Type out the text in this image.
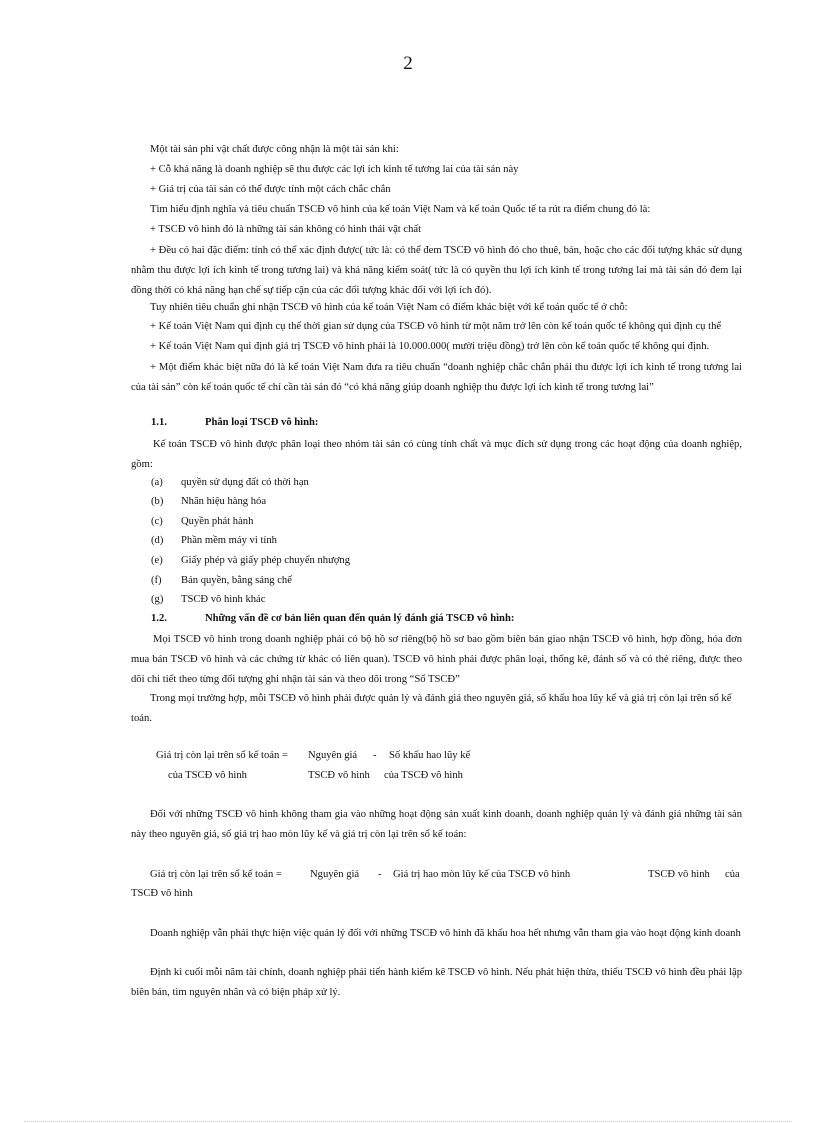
2
Một tài sản phi vật chất được công nhận là một tài sản khi:
+ Cỗ khả năng là doanh nghiệp sẽ thu được các lợi ích kinh tế tương lai của tài sản này
+ Giá trị của tài sản có thể được tính một cách chắc chắn
Tìm hiểu định nghĩa và tiêu chuẩn TSCĐ vô hình của kế toán Việt Nam và kế toán Quốc tế ta rút ra điểm chung đó là:
+ TSCĐ vô hình đó là những tài sản không có hình thái vật chất
+ Đều có hai đặc điểm: tính có thể xác định được( tức là: có thể đem TSCĐ vô hình đó cho thuê, bán, hoặc cho các đối tượng khác sử dụng nhằm thu được lợi ích kinh tế trong tương lai) và khả năng kiểm soát( tức là có quyền thu lợi ích kinh tế trong tương lai mà tài sản đó đem lại đồng thời có khả năng hạn chế sự tiếp cận của các đối tượng khác đối với lợi ích đó).
Tuy nhiên tiêu chuẩn ghi nhận TSCĐ vô hình của kế toán Việt Nam có điểm khác biệt với kế toán quốc tế ở chỗ:
+ Kế toán Việt Nam qui định cụ thể thời gian sử dụng của TSCĐ vô hình từ một năm trở lên còn kế toán quốc tế không qui định cụ thể
+ Kế toán Việt Nam qui định giá trị TSCĐ vô hình phải là 10.000.000( mười triệu đồng) trở lên còn kế toán quốc tế không qui định.
+ Một điểm khác biệt nữa đó là kế toán Việt Nam đưa ra tiêu chuẩn “doanh nghiệp chắc chắn phải thu được lợi ích kinh tế trong tương lai của tài sản” còn kế toán quốc tế chỉ cần tài sản đó “có khả năng giúp doanh nghiệp thu được lợi ích kinh tế trong tương lai”
1.1.	Phân loại TSCĐ vô hình:
Kế toán TSCĐ vô hình được phân loại theo nhóm tài sản có cùng tính chất và mục đích sử dụng trong các hoạt động của doanh nghiệp, gồm:
(a) quyền sử dụng đất có thời hạn
(b) Nhãn hiệu hàng hóa
(c) Quyền phát hành
(d) Phần mềm máy vi tính
(e) Giấy phép và giấy phép chuyển nhượng
(f) Bản quyền, bằng sáng chế
(g) TSCĐ vô hình khác
1.2.	Những vấn đề cơ bản liên quan đến quản lý đánh giá TSCĐ vô hình:
Mọi TSCĐ vô hình trong doanh nghiệp phải có bộ hồ sơ riêng(bộ hồ sơ bao gồm biên bản giao nhận TSCĐ vô hình, hợp đồng, hóa đơn mua bán TSCĐ vô hình và các chứng từ khác có liên quan). TSCĐ vô hình phải được phân loại, thống kê, đánh số và có thẻ riêng, được theo dõi chi tiết theo từng đối tượng ghi nhận tài sản và theo dõi trong “Sổ TSCĐ”
Trong mọi trường hợp, mỗi TSCĐ vô hình phải được quản lý và đánh giá theo nguyên giá, số khấu hoa lũy kế và giá trị còn lại trên sổ kế toán.
Giá trị còn lại trên sổ kế toán =
của TSCĐ vô hình
Nguyên giá
TSCĐ vô hình
- Số khấu hao lũy kế
của TSCĐ vô hình
Đối với những TSCĐ vô hình không tham gia vào những hoạt động sản xuất kinh doanh, doanh nghiệp quản lý và đánh giá những tài sản này theo nguyên giá, số giá trị hao mòn lũy kế và giá trị còn lại trên sổ kế toán:
Giá trị còn lại trên sổ kế toán =	Nguyên giá - Giá trị hao mòn lũy kế của TSCĐ vô hình	TSCĐ vô hình của
TSCĐ vô hình
Doanh nghiệp vẫn phải thực hiện việc quản lý đối với những TSCĐ vô hình đã khấu hoa hết nhưng vẫn tham gia vào hoạt động kinh doanh
Định kì cuối mỗi năm tài chính, doanh nghiệp phải tiến hành kiểm kê TSCĐ vô hình. Nếu phát hiện thừa, thiếu TSCĐ vô hình đều phải lập biên bản, tìm nguyên nhân và có biện pháp xử lý.
